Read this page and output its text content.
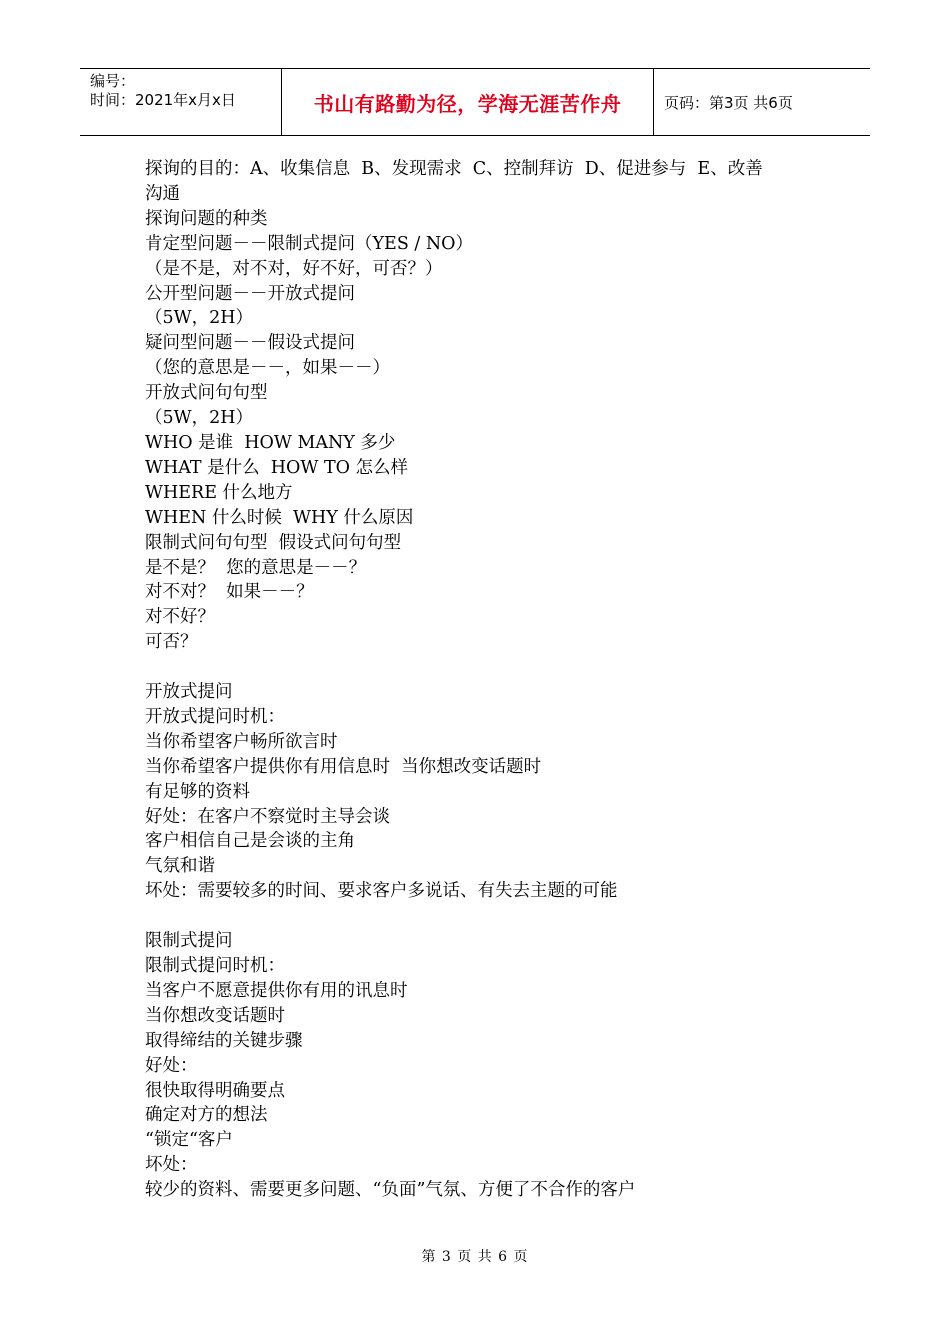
编号：
时间：2021年x月x日	书山有路勤为径，学海无涯苦作舟	页码：第3页 共6页
探询的目的：A、收集信息  B、发现需求  C、控制拜访  D、促进参与  E、改善
沟通
探询问题的种类
肯定型问题－－限制式提问（YES / NO）
（是不是，对不对，好不好，可否？）
公开型问题－－开放式提问
（5W，2H）
疑问型问题－－假设式提问
（您的意思是－－，如果－－）
开放式问句句型
（5W，2H）
WHO 是谁  HOW MANY 多少
WHAT 是什么  HOW TO 怎么样
WHERE 什么地方
WHEN 什么时候  WHY 什么原因
限制式问句句型  假设式问句句型
是不是？  您的意思是－－？
对不对？  如果－－？
对不好？
可否？
开放式提问
开放式提问时机：
当你希望客户畅所欲言时
当你希望客户提供你有用信息时  当你想改变话题时
有足够的资料
好处：在客户不察觉时主导会谈
客户相信自己是会谈的主角
气氛和谐
坏处：需要较多的时间、要求客户多说话、有失去主题的可能
限制式提问
限制式提问时机：
当客户不愿意提供你有用的讯息时
当你想改变话题时
取得缔结的关键步骤
好处：
很快取得明确要点
确定对方的想法
“锁定“客户
坏处：
较少的资料、需要更多问题、“负面”气氛、方便了不合作的客户
第 3 页 共 6 页
